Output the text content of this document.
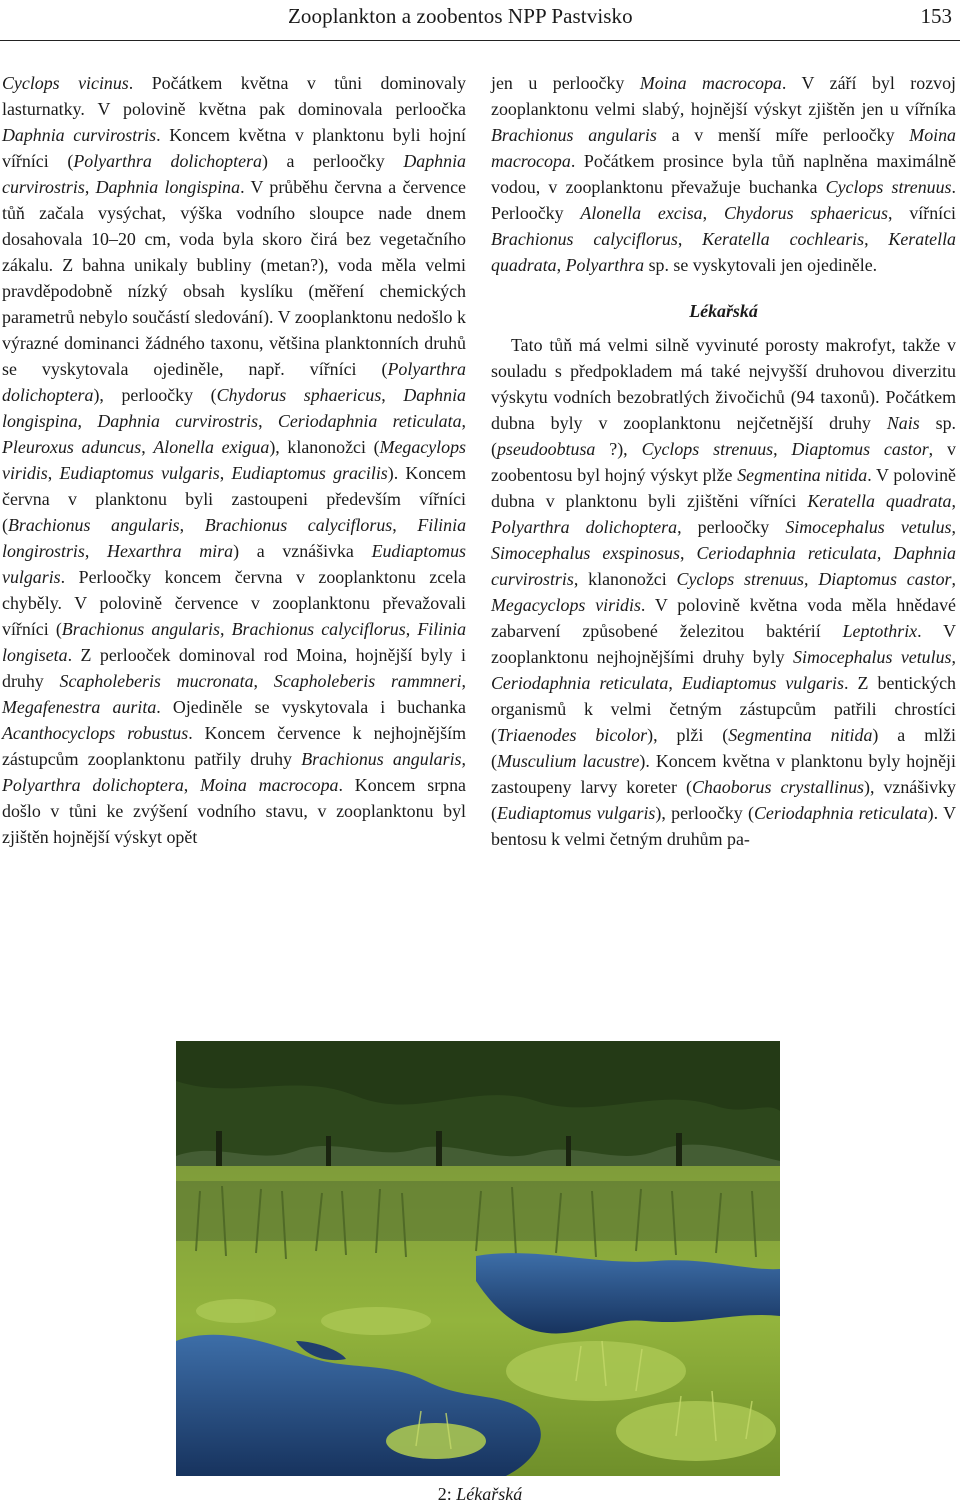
Zooplankton a zoobentos NPP Pastvisko	153

Cyclops vicinus. Počátkem května v tůni dominovaly lasturnatky. V polovině května pak dominovala perloočka Daphnia curvirostris. Koncem května v planktonu byli hojní vířníci (Polyarthra dolichoptera) a perloočky Daphnia curvirostris, Daphnia longispina. V průběhu června a července tůň začala vysýchat, výška vodního sloupce nade dnem dosahovala 10–20 cm, voda byla skoro čirá bez vegetačního zákalu. Z bahna unikaly bubliny (metan?), voda měla velmi pravděpodobně nízký obsah kyslíku (měření chemických parametrů nebylo součástí sledování). V zooplanktonu nedošlo k výrazné dominanci žádného taxonu, většina planktonních druhů se vyskytovala ojediněle, např. vířníci (Polyarthra dolichoptera), perloočky (Chydorus sphaericus, Daphnia longispina, Daphnia curvirostris, Ceriodaphnia reticulata, Pleuroxus aduncus, Alonella exigua), klanonožci (Megacylops viridis, Eudiaptomus vulgaris, Eudiaptomus gracilis). Koncem června v planktonu byli zastoupeni především vířníci (Brachionus angularis, Brachionus calyciflorus, Filinia longirostris, Hexarthra mira) a vznášivka Eudiaptomus vulgaris. Perloočky koncem června v zooplanktonu zcela chyběly. V polovině července v zooplanktonu převažovali vířníci (Brachionus angularis, Brachionus calyciflorus, Filinia longiseta. Z perlooček dominoval rod Moina, hojnější byly i druhy Scapholeberis mucronata, Scapholeberis rammneri, Megafenestra aurita. Ojediněle se vyskytovala i buchanka Acanthocyclops robustus. Koncem července k nejhojnějším zástupcům zooplanktonu patřily druhy Brachionus angularis, Polyarthra dolichoptera, Moina macrocopa. Koncem srpna došlo v tůni ke zvýšení vodního stavu, v zooplanktonu byl zjištěn hojnější výskyt opět

jen u perloočky Moina macrocopa. V září byl rozvoj zooplanktonu velmi slabý, hojnější výskyt zjištěn jen u vířníka Brachionus angularis a v menší míře perloočky Moina macrocopa. Počátkem prosince byla tůň naplněna maximálně vodou, v zooplanktonu převažuje buchanka Cyclops strenuus. Perloočky Alonella excisa, Chydorus sphaericus, vířníci Brachionus calyciflorus, Keratella cochlearis, Keratella quadrata, Polyarthra sp. se vyskytovali jen ojediněle.

Lékařská

Tato tůň má velmi silně vyvinuté porosty makrofyt, takže v souladu s předpokladem má také nejvyšší druhovou diverzitu výskytu vodních bezobratlých živočichů (94 taxonů). Počátkem dubna byly v zooplanktonu nejčetnější druhy Nais sp. (pseudoobtusa ?), Cyclops strenuus, Diaptomus castor, v zoobentosu byl hojný výskyt plže Segmentina nitida. V polovině dubna v planktonu byli zjištěni vířníci Keratella quadrata, Polyarthra dolichoptera, perloočky Simocephalus vetulus, Simocephalus exspinosus, Ceriodaphnia reticulata, Daphnia curvirostris, klanonožci Cyclops strenuus, Diaptomus castor, Megacyclops viridis. V polovině května voda měla hnědavé zabarvení způsobené železitou baktérií Leptothrix. V zooplanktonu nejhojnějšími druhy byly Simocephalus vetulus, Ceriodaphnia reticulata, Eudiaptomus vulgaris. Z bentických organismů k velmi četným zástupcům patřili chrostíci (Triaenodes bicolor), plži (Segmentina nitida) a mlži (Musculium lacustre). Koncem května v planktonu byly hojněji zastoupeny larvy koreter (Chaoborus crystallinus), vznášivky (Eudiaptomus vulgaris), perloočky (Ceriodaphnia reticulata). V bentosu k velmi četným druhům pa-

2: Lékařská
